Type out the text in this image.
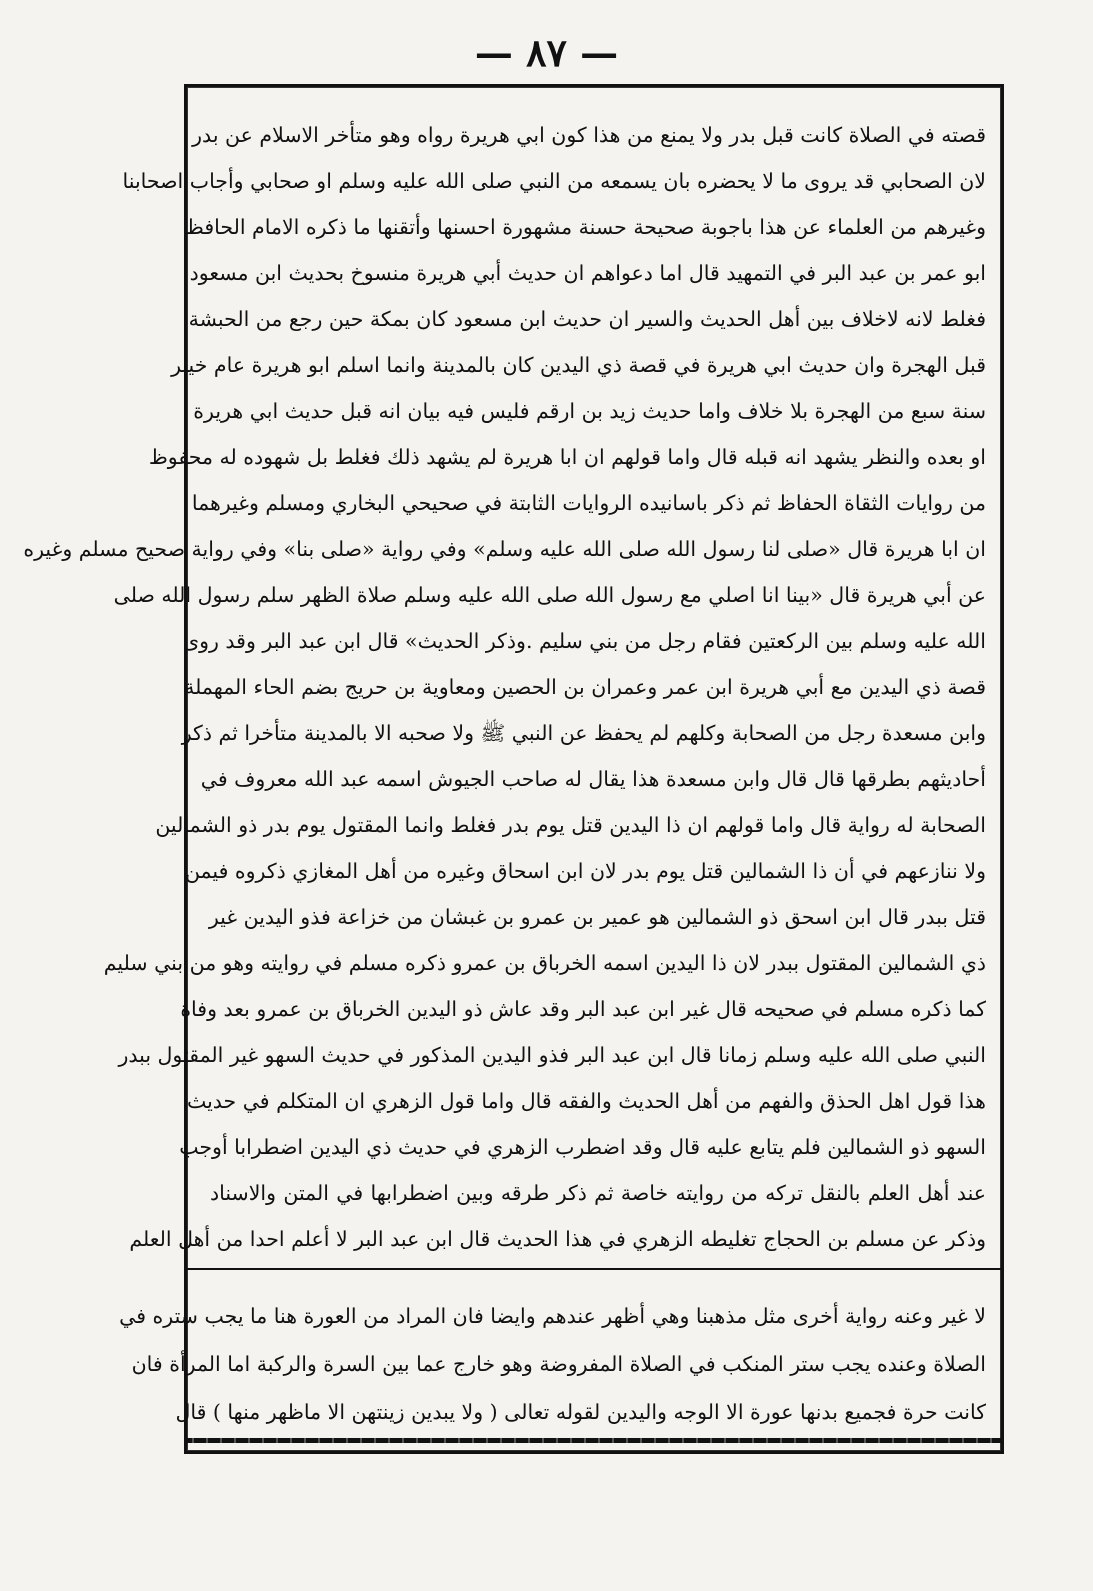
— ٨٧ —
قصته في الصلاة كانت قبل بدر ولا يمنع من هذا كون ابي هريرة رواه وهو متأخر الاسلام عن بدر
لان الصحابي قد يروى ما لا يحضره بان يسمعه من النبي صلى الله عليه وسلم او صحابي وأجاب اصحابنا
وغيرهم من العلماء عن هذا باجوبة صحيحة حسنة مشهورة احسنها وأتقنها ما ذكره الامام الحافظ
ابو عمر بن عبد البر في التمهيد قال اما دعواهم ان حديث أبي هريرة منسوخ بحديث ابن مسعود
فغلط لانه لاخلاف بين أهل الحديث والسير ان حديث ابن مسعود كان بمكة حين رجع من الحبشة
قبل الهجرة وان حديث ابي هريرة في قصة ذي اليدين كان بالمدينة وانما اسلم ابو هريرة عام خيبر
سنة سبع من الهجرة بلا خلاف واما حديث زيد بن ارقم فليس فيه بيان انه قبل حديث ابي هريرة
او بعده والنظر يشهد انه قبله قال واما قولهم ان ابا هريرة لم يشهد ذلك فغلط بل شهوده له محفوظ
من روايات الثقاة الحفاظ ثم ذكر باسانيده الروايات الثابتة في صحيحي البخاري ومسلم وغيرهما
ان ابا هريرة قال «صلى لنا رسول الله صلى الله عليه وسلم» وفي رواية «صلى بنا» وفي رواية صحيح مسلم وغيره
عن أبي هريرة قال «بينا انا اصلي مع رسول الله صلى الله عليه وسلم صلاة الظهر سلم رسول الله صلى
الله عليه وسلم بين الركعتين فقام رجل من بني سليم .وذكر الحديث» قال ابن عبد البر وقد روى
قصة ذي اليدين مع أبي هريرة ابن عمر وعمران بن الحصين ومعاوية بن حريج بضم الحاء المهملة
وابن مسعدة رجل من الصحابة وكلهم لم يحفظ عن النبي ﷺ ولا صحبه الا بالمدينة متأخرا ثم ذكر
أحاديثهم بطرقها قال قال وابن مسعدة هذا يقال له صاحب الجيوش اسمه عبد الله معروف في
الصحابة له رواية قال واما قولهم ان ذا اليدين قتل يوم بدر فغلط وانما المقتول يوم بدر ذو الشمالين
ولا ننازعهم في أن ذا الشمالين قتل يوم بدر لان ابن اسحاق وغيره من أهل المغازي ذكروه فيمن
قتل ببدر قال ابن اسحق ذو الشمالين هو عمير بن عمرو بن غبشان من خزاعة فذو اليدين غير
ذي الشمالين المقتول ببدر لان ذا اليدين اسمه الخرباق بن عمرو ذكره مسلم في روايته وهو من بني سليم
كما ذكره مسلم في صحيحه قال غير ابن عبد البر وقد عاش ذو اليدين الخرباق بن عمرو بعد وفاة
النبي صلى الله عليه وسلم زمانا قال ابن عبد البر فذو اليدين المذكور في حديث السهو غير المقتول ببدر
هذا قول اهل الحذق والفهم من أهل الحديث والفقه قال واما قول الزهري ان المتكلم في حديث
السهو ذو الشمالين فلم يتابع عليه قال وقد اضطرب الزهري في حديث ذي اليدين اضطرابا أوجب
عند أهل العلم بالنقل تركه من روايته خاصة ثم ذكر طرقه وبين اضطرابها في المتن والاسناد
وذكر عن مسلم بن الحجاج تغليطه الزهري في هذا الحديث قال ابن عبد البر لا أعلم احدا من أهل العلم
لا غير وعنه رواية أخرى مثل مذهبنا وهي أظهر عندهم وايضا فان المراد من العورة هنا ما يجب ستره في
الصلاة وعنده يجب ستر المنكب في الصلاة المفروضة وهو خارج عما بين السرة والركبة اما المرأة فان
كانت حرة فجميع بدنها عورة الا الوجه واليدين لقوله تعالى ( ولا يبدين زينتهن الا ماظهر منها ) قال
